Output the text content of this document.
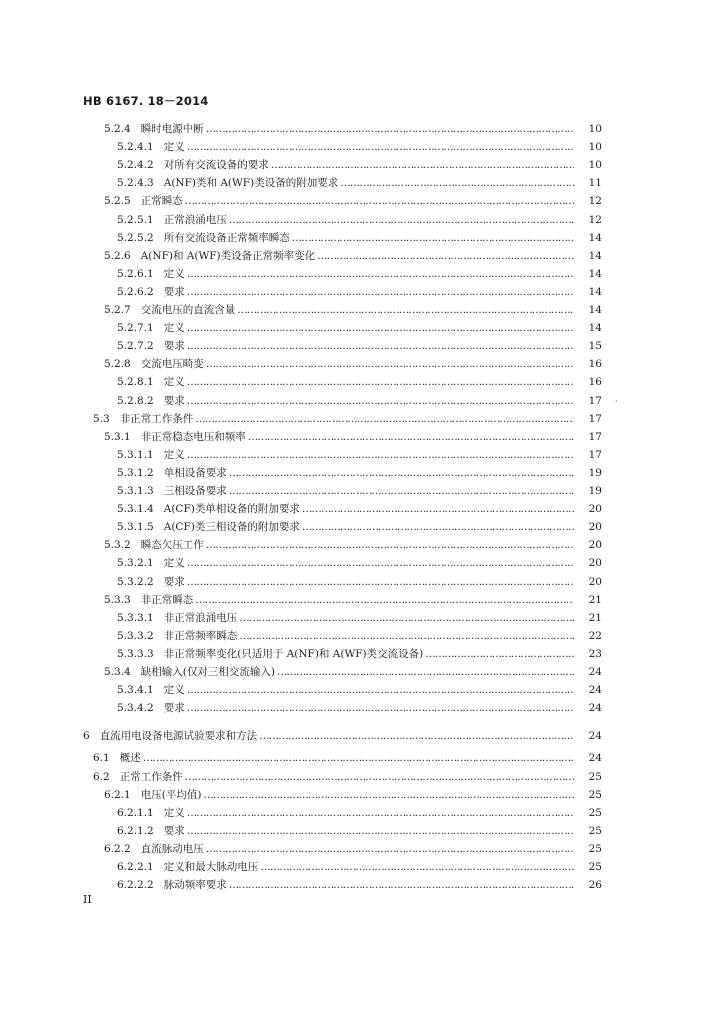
HB 6167. 18－2014
·
5.2.4 瞬时电源中断 …………………………………………………………………………………………………………………………………………………………………………………………………………	10
5.2.4.1 定义 …………………………………………………………………………………………………………………………………………………………………………………………………………	10
5.2.4.2 对所有交流设备的要求 …………………………………………………………………………………………………………………………………………………………………………………………………………	10
5.2.4.3 A(NF)类和 A(WF)类设备的附加要求 …………………………………………………………………………………………………………………………………………………………………………………………………………	11
5.2.5 正常瞬态 …………………………………………………………………………………………………………………………………………………………………………………………………………	12
5.2.5.1 正常浪涌电压 …………………………………………………………………………………………………………………………………………………………………………………………………………	12
5.2.5.2 所有交流设备正常频率瞬态 …………………………………………………………………………………………………………………………………………………………………………………………………………	14
5.2.6 A(NF)和 A(WF)类设备正常频率变化 …………………………………………………………………………………………………………………………………………………………………………………………………………	14
5.2.6.1 定义 …………………………………………………………………………………………………………………………………………………………………………………………………………	14
5.2.6.2 要求 …………………………………………………………………………………………………………………………………………………………………………………………………………	14
5.2.7 交流电压的直流含量 …………………………………………………………………………………………………………………………………………………………………………………………………………	14
5.2.7.1 定义 …………………………………………………………………………………………………………………………………………………………………………………………………………	14
5.2.7.2 要求 …………………………………………………………………………………………………………………………………………………………………………………………………………	15
5.2.8 交流电压畸变 …………………………………………………………………………………………………………………………………………………………………………………………………………	16
5.2.8.1 定义 …………………………………………………………………………………………………………………………………………………………………………………………………………	16
5.2.8.2 要求 …………………………………………………………………………………………………………………………………………………………………………………………………………	17
5.3 非正常工作条件 …………………………………………………………………………………………………………………………………………………………………………………………………………	17
5.3.1 非正常稳态电压和频率 …………………………………………………………………………………………………………………………………………………………………………………………………………	17
5.3.1.1 定义 …………………………………………………………………………………………………………………………………………………………………………………………………………	17
5.3.1.2 单相设备要求 …………………………………………………………………………………………………………………………………………………………………………………………………………	19
5.3.1.3 三相设备要求 …………………………………………………………………………………………………………………………………………………………………………………………………………	19
5.3.1.4 A(CF)类单相设备的附加要求 …………………………………………………………………………………………………………………………………………………………………………………………………………	20
5.3.1.5 A(CF)类三相设备的附加要求 …………………………………………………………………………………………………………………………………………………………………………………………………………	20
5.3.2 瞬态欠压工作 …………………………………………………………………………………………………………………………………………………………………………………………………………	20
5.3.2.1 定义 …………………………………………………………………………………………………………………………………………………………………………………………………………	20
5.3.2.2 要求 …………………………………………………………………………………………………………………………………………………………………………………………………………	20
5.3.3 非正常瞬态 …………………………………………………………………………………………………………………………………………………………………………………………………………	21
5.3.3.1 非正常浪涌电压 …………………………………………………………………………………………………………………………………………………………………………………………………………	21
5.3.3.2 非正常频率瞬态 …………………………………………………………………………………………………………………………………………………………………………………………………………	22
5.3.3.3 非正常频率变化(只适用于 A(NF)和 A(WF)类交流设备) …………………………………………………………………………………………………………………………………………………………………………………………………………	23
5.3.4 缺相输入(仅对三相交流输入) …………………………………………………………………………………………………………………………………………………………………………………………………………	24
5.3.4.1 定义 …………………………………………………………………………………………………………………………………………………………………………………………………………	24
5.3.4.2 要求 …………………………………………………………………………………………………………………………………………………………………………………………………………	24
6 直流用电设备电源试验要求和方法 …………………………………………………………………………………………………………………………………………………………………………………………………………	24
6.1 概述 …………………………………………………………………………………………………………………………………………………………………………………………………………	24
6.2 正常工作条件 …………………………………………………………………………………………………………………………………………………………………………………………………………	25
6.2.1 电压(平均值) …………………………………………………………………………………………………………………………………………………………………………………………………………	25
6.2.1.1 定义 …………………………………………………………………………………………………………………………………………………………………………………………………………	25
6.2.1.2 要求 …………………………………………………………………………………………………………………………………………………………………………………………………………	25
6.2.2 直流脉动电压 …………………………………………………………………………………………………………………………………………………………………………………………………………	25
6.2.2.1 定义和最大脉动电压 …………………………………………………………………………………………………………………………………………………………………………………………………………	25
6.2.2.2 脉动频率要求 …………………………………………………………………………………………………………………………………………………………………………………………………………	26
II
